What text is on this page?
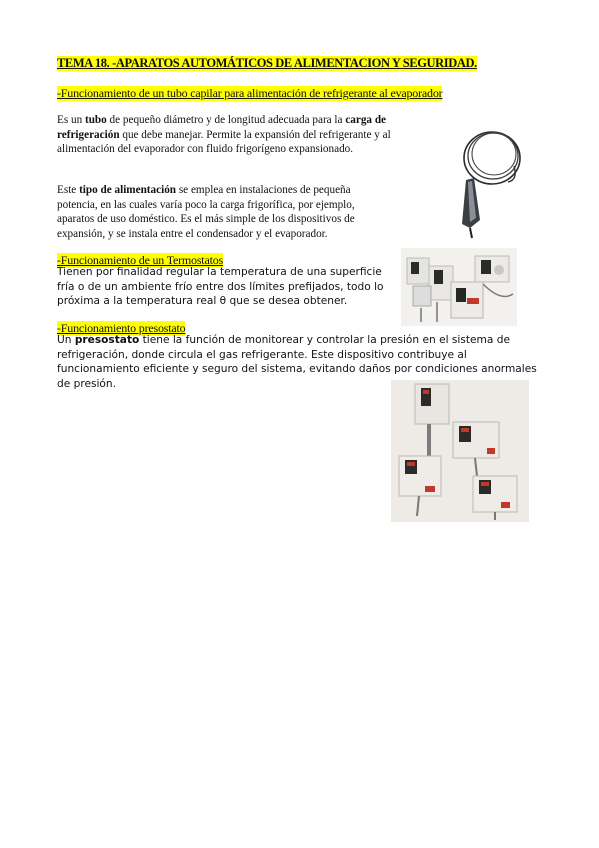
TEMA 18. -APARATOS AUTOMÁTICOS DE ALIMENTACION Y SEGURIDAD.
-Funcionamiento de un tubo capilar para alimentación de refrigerante al evaporador
Es un tubo de pequeño diámetro y de longitud adecuada para la carga de refrigeración que debe manejar. Permite la expansión del refrigerante y al alimentación del evaporador con fluido frigorígeno expansionado.
Este tipo de alimentación se emplea en instalaciones de pequeña potencia, en las cuales varía poco la carga frigorífica, por ejemplo, aparatos de uso doméstico. Es el más simple de los dispositivos de expansión, y se instala entre el condensador y el evaporador.
-Funcionamiento de un Termostatos
Tienen por finalidad regular la temperatura de una superficie fría o de un ambiente frío entre dos límites prefijados, todo lo próxima a la temperatura real θ que se desea obtener.
-Funcionamiento presostato
Un presostato tiene la función de monitorear y controlar la presión en el sistema de refrigeración, donde circula el gas refrigerante. Este dispositivo contribuye al funcionamiento eficiente y seguro del sistema, evitando daños por condiciones anormales de presión.
